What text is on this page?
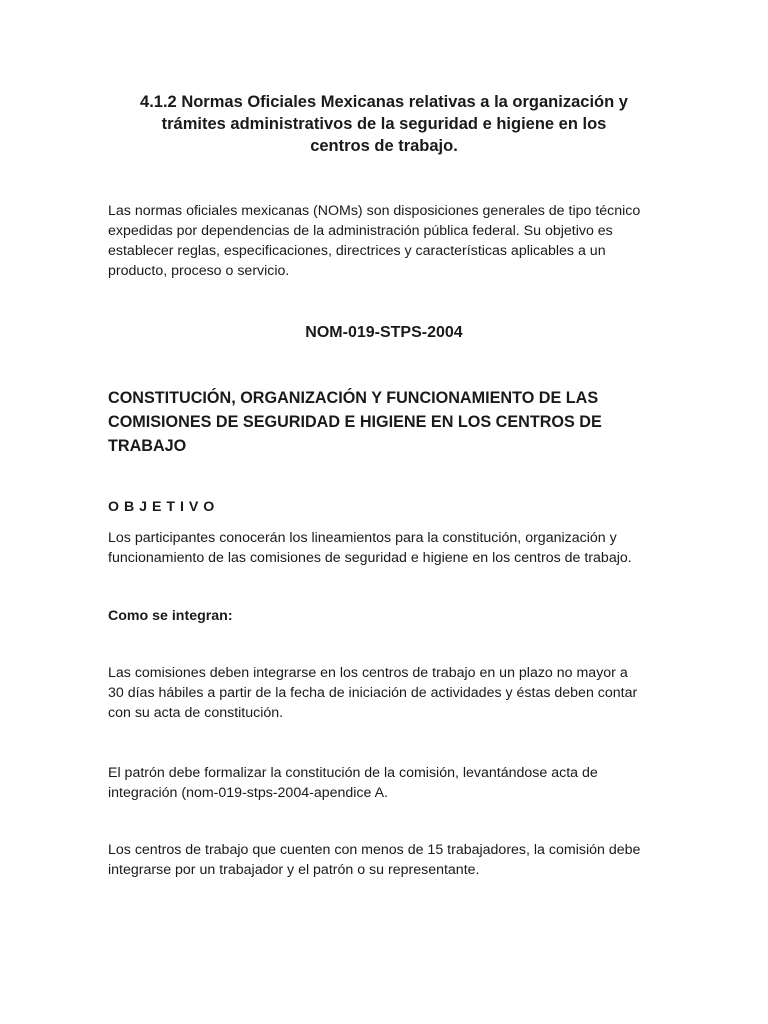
4.1.2 Normas Oficiales Mexicanas relativas a la organización y
trámites administrativos de la seguridad e higiene en los
centros de trabajo.

Las normas oficiales mexicanas (NOMs) son disposiciones generales de tipo técnico
expedidas por dependencias de la administración pública federal. Su objetivo es
establecer reglas, especificaciones, directrices y características aplicables a un
producto, proceso o servicio.

NOM-019-STPS-2004
CONSTITUCIÓN, ORGANIZACIÓN Y FUNCIONAMIENTO DE LAS
COMISIONES DE SEGURIDAD E HIGIENE EN LOS CENTROS DE
TRABAJO
O B J E T I V O

Los participantes conocerán los lineamientos para la constitución, organización y
funcionamiento de las comisiones de seguridad e higiene en los centros de trabajo.

Como se integran:

Las comisiones deben integrarse en los centros de trabajo en un plazo no mayor a
30 días hábiles a partir de la fecha de iniciación de actividades y éstas deben contar
con su acta de constitución.

El patrón debe formalizar la constitución de la comisión, levantándose acta de
integración (nom-019-stps-2004-apendice A.

Los centros de trabajo que cuenten con menos de 15 trabajadores, la comisión debe
integrarse por un trabajador y el patrón o su representante.
